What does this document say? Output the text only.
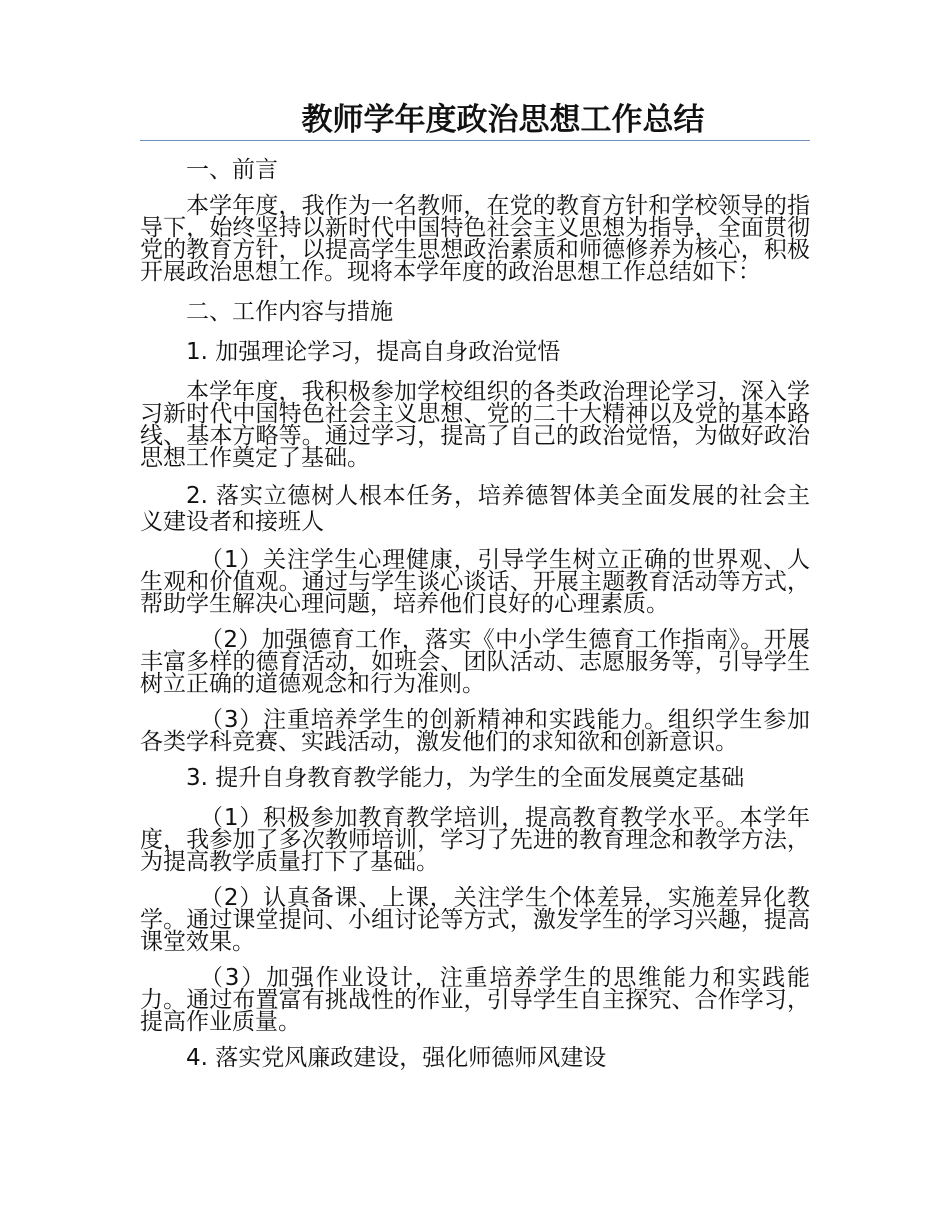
教师学年度政治思想工作总结

一、前言

本学年度，我作为一名教师，在党的教育方针和学校领导的指导下，始终坚持以新时代中国特色社会主义思想为指导，全面贯彻党的教育方针，以提高学生思想政治素质和师德修养为核心，积极开展政治思想工作。现将本学年度的政治思想工作总结如下：

二、工作内容与措施

1. 加强理论学习，提高自身政治觉悟

本学年度，我积极参加学校组织的各类政治理论学习，深入学习新时代中国特色社会主义思想、党的二十大精神以及党的基本路线、基本方略等。通过学习，提高了自己的政治觉悟，为做好政治思想工作奠定了基础。

2. 落实立德树人根本任务，培养德智体美全面发展的社会主义建设者和接班人

（1）关注学生心理健康，引导学生树立正确的世界观、人生观和价值观。通过与学生谈心谈话、开展主题教育活动等方式，帮助学生解决心理问题，培养他们良好的心理素质。

（2）加强德育工作，落实《中小学生德育工作指南》。开展丰富多样的德育活动，如班会、团队活动、志愿服务等，引导学生树立正确的道德观念和行为准则。

（3）注重培养学生的创新精神和实践能力。组织学生参加各类学科竞赛、实践活动，激发他们的求知欲和创新意识。

3. 提升自身教育教学能力，为学生的全面发展奠定基础

（1）积极参加教育教学培训，提高教育教学水平。本学年度，我参加了多次教师培训，学习了先进的教育理念和教学方法，为提高教学质量打下了基础。

（2）认真备课、上课，关注学生个体差异，实施差异化教学。通过课堂提问、小组讨论等方式，激发学生的学习兴趣，提高课堂效果。

（3）加强作业设计，注重培养学生的思维能力和实践能力。通过布置富有挑战性的作业，引导学生自主探究、合作学习，提高作业质量。

4. 落实党风廉政建设，强化师德师风建设
